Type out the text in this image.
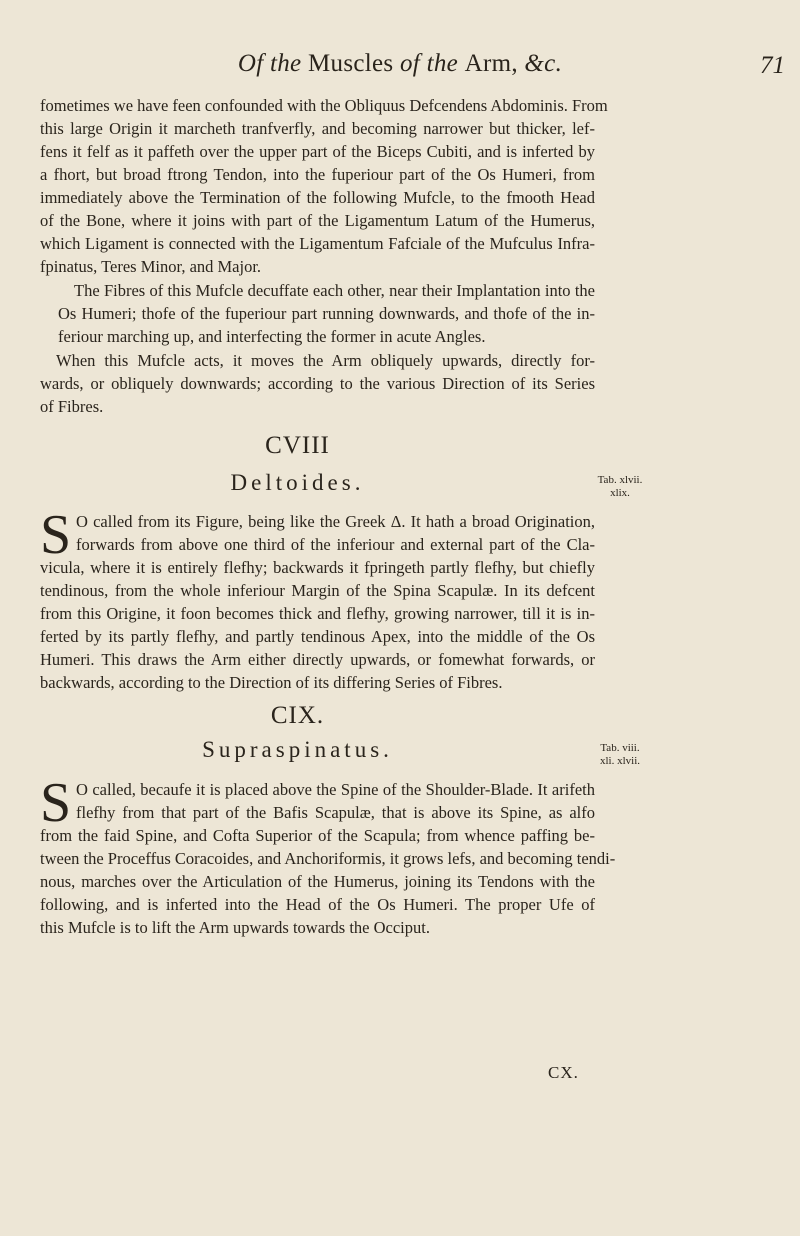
Of the Muscles of the Arm, &c.	71
fometimes we have feen confounded with the Obliquus Defcendens Abdominis. From
this large Origin it marcheth tranfverfly, and becoming narrower but thicker, lef-
fens it felf as it paffeth over the upper part of the Biceps Cubiti, and is inferted by
a fhort, but broad ftrong Tendon, into the fuperiour part of the Os Humeri, from
immediately above the Termination of the following Mufcle, to the fmooth Head
of the Bone, where it joins with part of the Ligamentum Latum of the Humerus,
which Ligament is connected with the Ligamentum Fafciale of the Mufculus Infra-
fpinatus, Teres Minor, and Major.
The Fibres of this Mufcle decuffate each other, near their Implantation into the
Os Humeri; thofe of the fuperiour part running downwards, and thofe of the in-
feriour marching up, and interfecting the former in acute Angles.
When this Mufcle acts, it moves the Arm obliquely upwards, directly for-
wards, or obliquely downwards; according to the various Direction of its Series
of Fibres.
CVIII
Deltoides.	Tab. xlvii.
xlix.
S O called from its Figure, being like the Greek Δ. It hath a broad Origination,
forwards from above one third of the inferiour and external part of the Cla-
vicula, where it is entirely flefhy; backwards it fpringeth partly flefhy, but chiefly
tendinous, from the whole inferiour Margin of the Spina Scapulæ. In its defcent
from this Origine, it foon becomes thick and flefhy, growing narrower, till it is in-
ferted by its partly flefhy, and partly tendinous Apex, into the middle of the Os
Humeri. This draws the Arm either directly upwards, or fomewhat forwards, or
backwards, according to the Direction of its differing Series of Fibres.
CIX.
Supraspinatus.	Tab. viii.
xli. xlvii.
S O called, becaufe it is placed above the Spine of the Shoulder-Blade. It arifeth
flefhy from that part of the Bafis Scapulæ, that is above its Spine, as alfo
from the faid Spine, and Cofta Superior of the Scapula; from whence paffing be-
tween the Proceffus Coracoides, and Anchoriformis, it grows lefs, and becoming tendi-
nous, marches over the Articulation of the Humerus, joining its Tendons with the
following, and is inferted into the Head of the Os Humeri. The proper Ufe of
this Mufcle is to lift the Arm upwards towards the Occiput.
CX.
